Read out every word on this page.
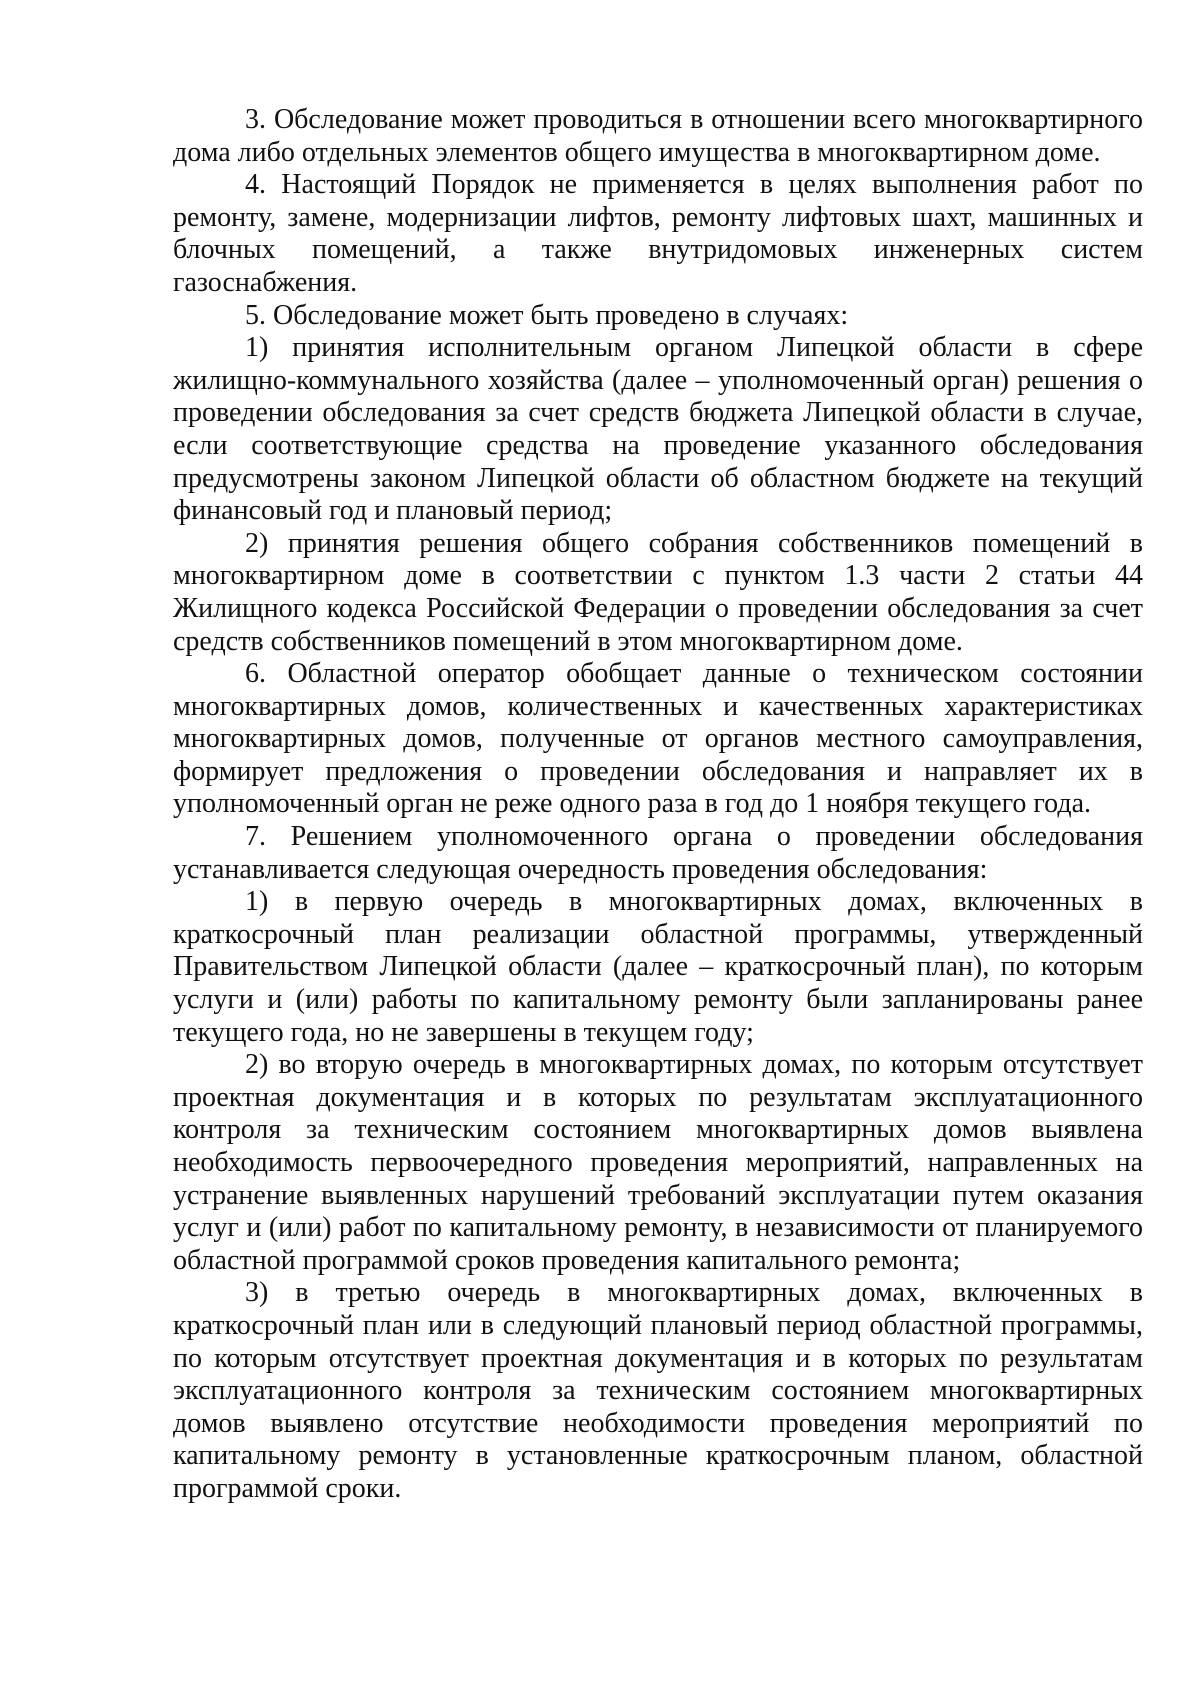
3. Обследование может проводиться в отношении всего многоквартирного дома либо отдельных элементов общего имущества в многоквартирном доме.

4. Настоящий Порядок не применяется в целях выполнения работ по ремонту, замене, модернизации лифтов, ремонту лифтовых шахт, машинных и блочных помещений, а также внутридомовых инженерных систем газоснабжения.

5. Обследование может быть проведено в случаях:

1) принятия исполнительным органом Липецкой области в сфере жилищно-коммунального хозяйства (далее – уполномоченный орган) решения о проведении обследования за счет средств бюджета Липецкой области в случае, если соответствующие средства на проведение указанного обследования предусмотрены законом Липецкой области об областном бюджете на текущий финансовый год и плановый период;

2) принятия решения общего собрания собственников помещений в многоквартирном доме в соответствии с пунктом 1.3 части 2 статьи 44 Жилищного кодекса Российской Федерации о проведении обследования за счет средств собственников помещений в этом многоквартирном доме.

6. Областной оператор обобщает данные о техническом состоянии многоквартирных домов, количественных и качественных характеристиках многоквартирных домов, полученные от органов местного самоуправления, формирует предложения о проведении обследования и направляет их в уполномоченный орган не реже одного раза в год до 1 ноября текущего года.

7. Решением уполномоченного органа о проведении обследования устанавливается следующая очередность проведения обследования:

1) в первую очередь в многоквартирных домах, включенных в краткосрочный план реализации областной программы, утвержденный Правительством Липецкой области (далее – краткосрочный план), по которым услуги и (или) работы по капитальному ремонту были запланированы ранее текущего года, но не завершены в текущем году;

2) во вторую очередь в многоквартирных домах, по которым отсутствует проектная документация и в которых по результатам эксплуатационного контроля за техническим состоянием многоквартирных домов выявлена необходимость первоочередного проведения мероприятий, направленных на устранение выявленных нарушений требований эксплуатации путем оказания услуг и (или) работ по капитальному ремонту, в независимости от планируемого областной программой сроков проведения капитального ремонта;

3) в третью очередь в многоквартирных домах, включенных в краткосрочный план или в следующий плановый период областной программы, по которым отсутствует проектная документация и в которых по результатам эксплуатационного контроля за техническим состоянием многоквартирных домов выявлено отсутствие необходимости проведения мероприятий по капитальному ремонту в установленные краткосрочным планом, областной программой сроки.
